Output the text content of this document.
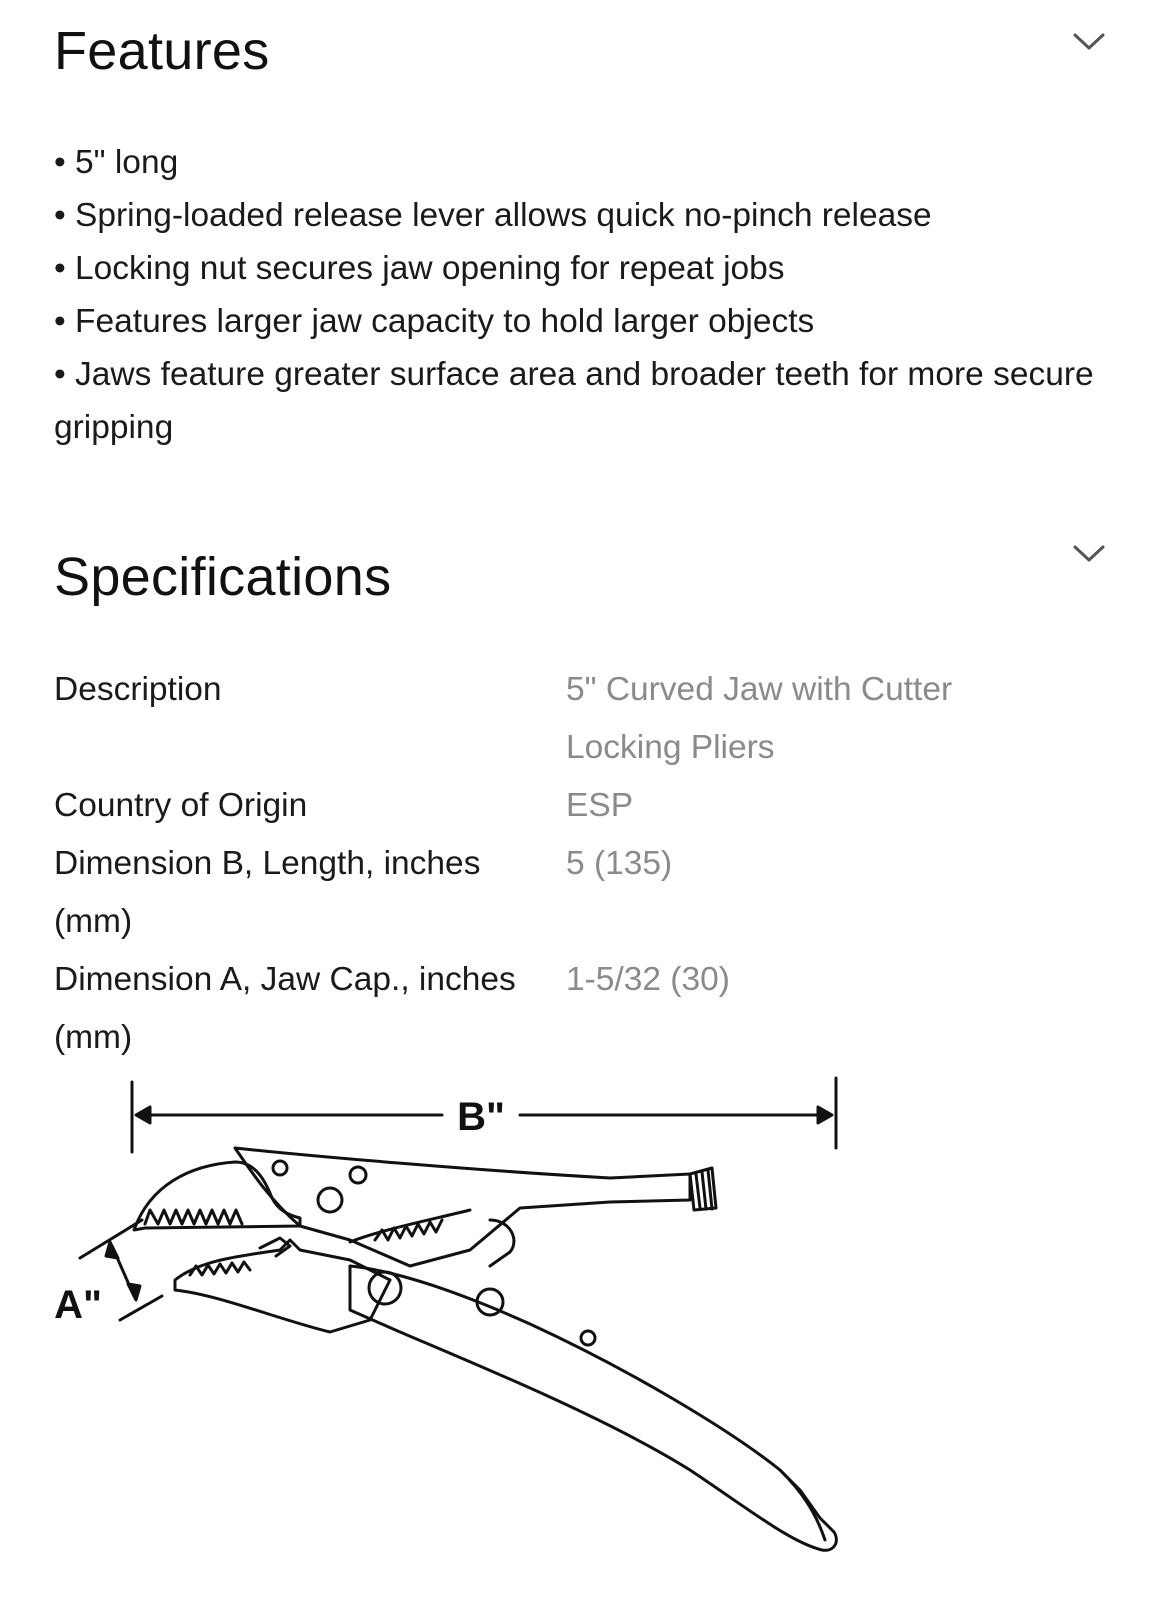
Features
• 5" long
• Spring-loaded release lever allows quick no-pinch release
• Locking nut secures jaw opening for repeat jobs
• Features larger jaw capacity to hold larger objects
• Jaws feature greater surface area and broader teeth for more secure gripping
Specifications
Description	5" Curved Jaw with Cutter Locking Pliers
Country of Origin	ESP
Dimension B, Length, inches (mm)
5 (135)
Dimension A, Jaw Cap., inches (mm)
1-5/32 (30)
B"
A"
